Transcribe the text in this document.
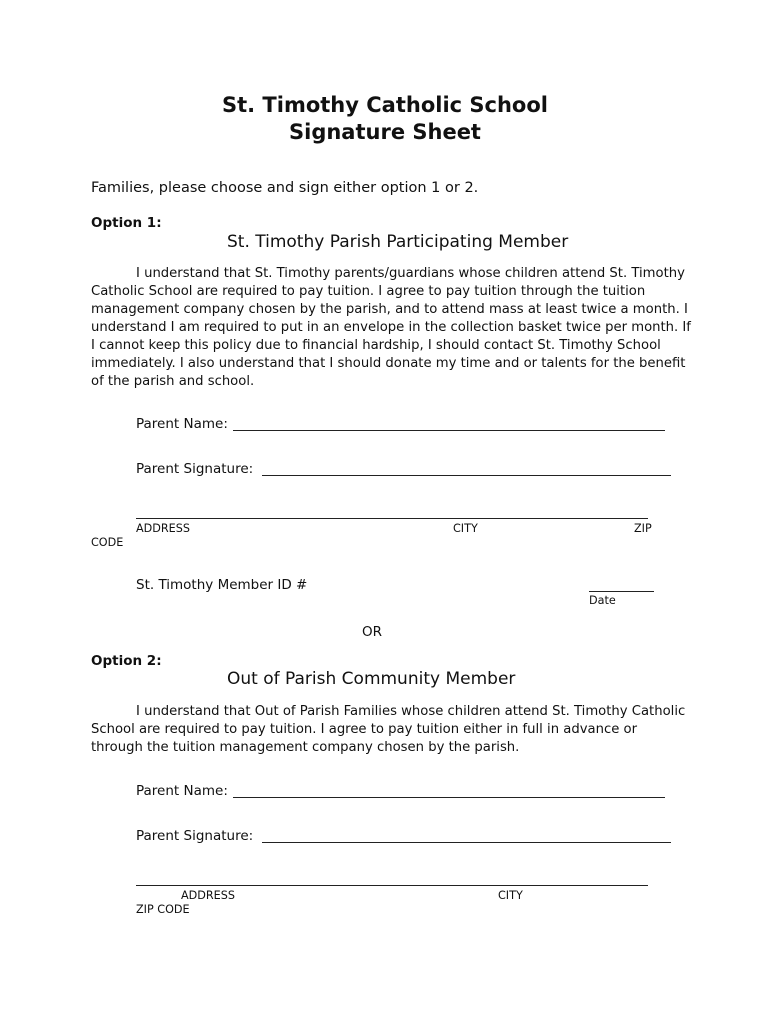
St. Timothy Catholic School
Signature Sheet
Families, please choose and sign either option 1 or 2.
Option 1:
St. Timothy Parish Participating Member
I understand that St. Timothy parents/guardians whose children attend St. Timothy Catholic School are required to pay tuition. I agree to pay tuition through the tuition management company chosen by the parish, and to attend mass at least twice a month. I understand I am required to put in an envelope in the collection basket twice per month. If I cannot keep this policy due to financial hardship, I should contact St. Timothy School immediately. I also understand that I should donate my time and or talents for the benefit of the parish and school.
Parent Name:
Parent Signature:
ADDRESS	CITY	ZIP
CODE
St. Timothy Member ID #
Date
OR
Option 2:
Out of Parish Community Member
I understand that Out of Parish Families whose children attend St. Timothy Catholic School are required to pay tuition. I agree to pay tuition either in full in advance or through the tuition management company chosen by the parish.
Parent Name:
Parent Signature:
ADDRESS	CITY
ZIP CODE
